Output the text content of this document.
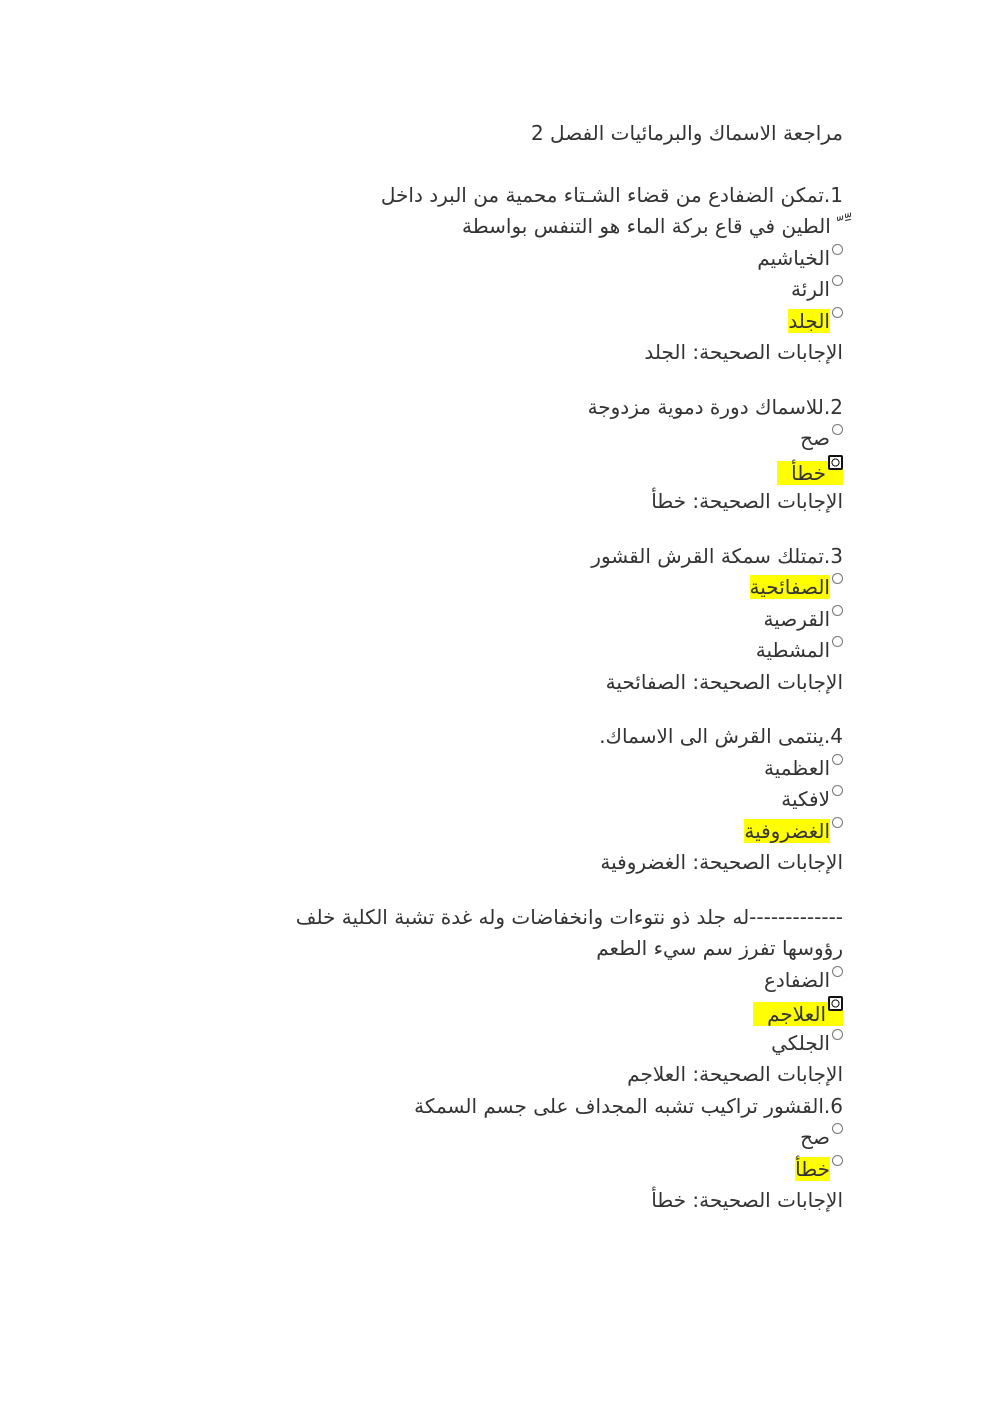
مراجعة الاسماك والبرمائيات الفصل 2
1.تمكن الضفادع من قضاء الشـتاء محمية من البرد داخل
ِّ ّ الطين في قاع بركة الماء هو التنفس بواسطة
الخياشيم
الرئة
الجلد
الإجابات الصحيحة: الجلد
2.للاسماك دورة دموية مزدوجة
صح
خطأ
الإجابات الصحيحة: خطأ
3.تمتلك سمكة القرش القشور
الصفائحية
القرصية
المشطية
الإجابات الصحيحة: الصفائحية
4.ينتمى القرش الى الاسماك.
العظمية
لافكية
الغضروفية
الإجابات الصحيحة: الغضروفية
-------------له جلد ذو نتوءات وانخفاضات وله غدة تشبة الكلية خلف
رؤوسها تفرز سم سيء الطعم
الضفادع
العلاجم
الجلكي
الإجابات الصحيحة: العلاجم
6.القشور تراكيب تشبه المجداف على جسم السمكة
صح
خطأ
الإجابات الصحيحة: خطأ
